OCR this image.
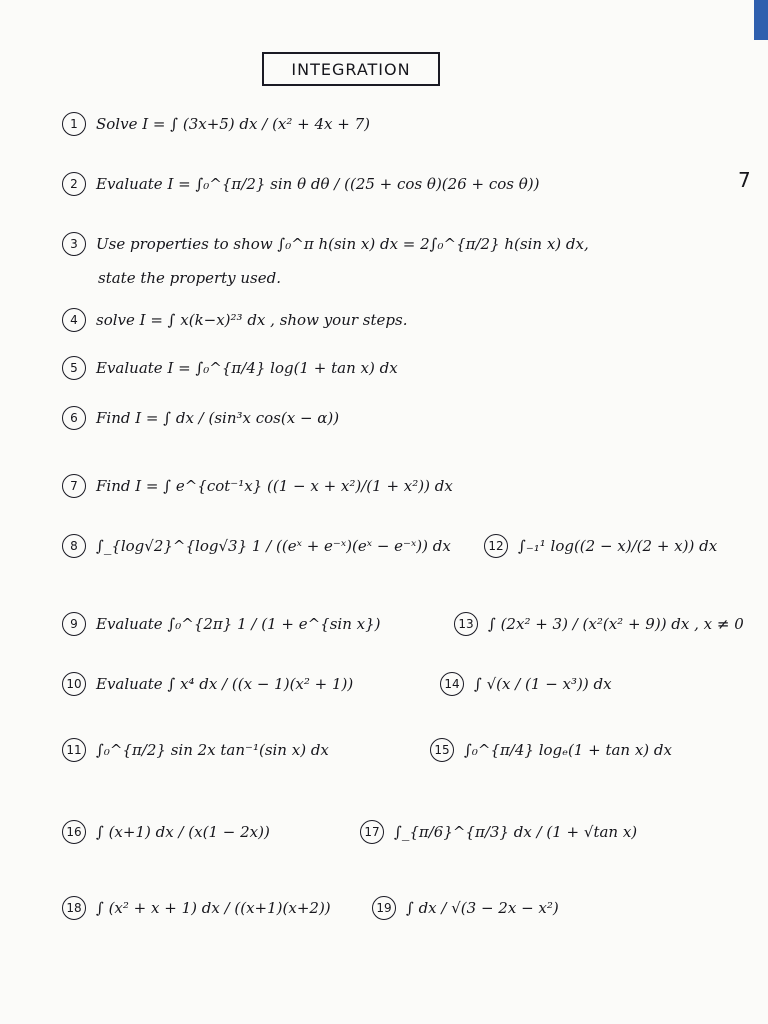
INTEGRATION
7
1 Solve I = ∫ (3x+5) dx / (x² + 4x + 7)
2 Evaluate I = ∫₀^{π/2} sin θ dθ / ((25 + cos θ)(26 + cos θ))
3 Use properties to show ∫₀^π h(sin x) dx = 2∫₀^{π/2} h(sin x) dx,
state the property used.
4 solve I = ∫ x(k−x)²³ dx , show your steps.
5 Evaluate I = ∫₀^{π/4} log(1 + tan x) dx
6 Find I = ∫ dx / (sin³x cos(x − α))
7 Find I = ∫ e^{cot⁻¹x} ((1 − x + x²)/(1 + x²)) dx
8 ∫_{log√2}^{log√3} 1 / ((eˣ + e⁻ˣ)(eˣ − e⁻ˣ)) dx	12 ∫₋₁¹ log((2 − x)/(2 + x)) dx
9 Evaluate ∫₀^{2π} 1 / (1 + e^{sin x})	13 ∫ (2x² + 3) / (x²(x² + 9)) dx , x ≠ 0
10 Evaluate ∫ x⁴ dx / ((x − 1)(x² + 1))	14 ∫ √(x / (1 − x³)) dx
11 ∫₀^{π/2} sin 2x tan⁻¹(sin x) dx	15 ∫₀^{π/4} logₑ(1 + tan x) dx
16 ∫ (x+1) dx / (x(1 − 2x))	17 ∫_{π/6}^{π/3} dx / (1 + √tan x)
18 ∫ (x² + x + 1) dx / ((x+1)(x+2))	19 ∫ dx / √(3 − 2x − x²)
